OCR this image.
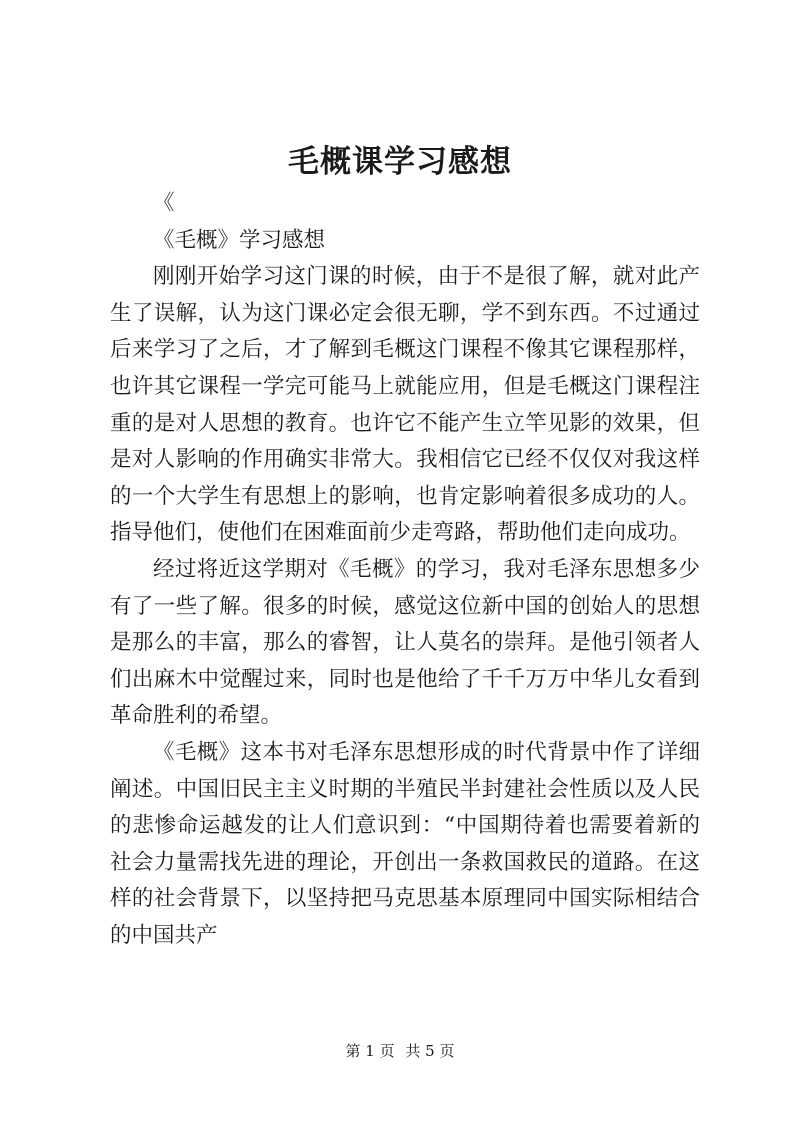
毛概课学习感想

《

《毛概》学习感想

刚刚开始学习这门课的时候，由于不是很了解，就对此产生了误解，认为这门课必定会很无聊，学不到东西。不过通过后来学习了之后，才了解到毛概这门课程不像其它课程那样，也许其它课程一学完可能马上就能应用，但是毛概这门课程注重的是对人思想的教育。也许它不能产生立竿见影的效果，但是对人影响的作用确实非常大。我相信它已经不仅仅对我这样的一个大学生有思想上的影响，也肯定影响着很多成功的人。指导他们，使他们在困难面前少走弯路，帮助他们走向成功。

经过将近这学期对《毛概》的学习，我对毛泽东思想多少有了一些了解。很多的时候，感觉这位新中国的创始人的思想是那么的丰富，那么的睿智，让人莫名的崇拜。是他引领者人们出麻木中觉醒过来，同时也是他给了千千万万中华儿女看到革命胜利的希望。

《毛概》这本书对毛泽东思想形成的时代背景中作了详细阐述。中国旧民主主义时期的半殖民半封建社会性质以及人民的悲惨命运越发的让人们意识到：“中国期待着也需要着新的社会力量需找先进的理论，开创出一条救国救民的道路。在这样的社会背景下，以坚持把马克思基本原理同中国实际相结合的中国共产

第 1 页 共 5 页
